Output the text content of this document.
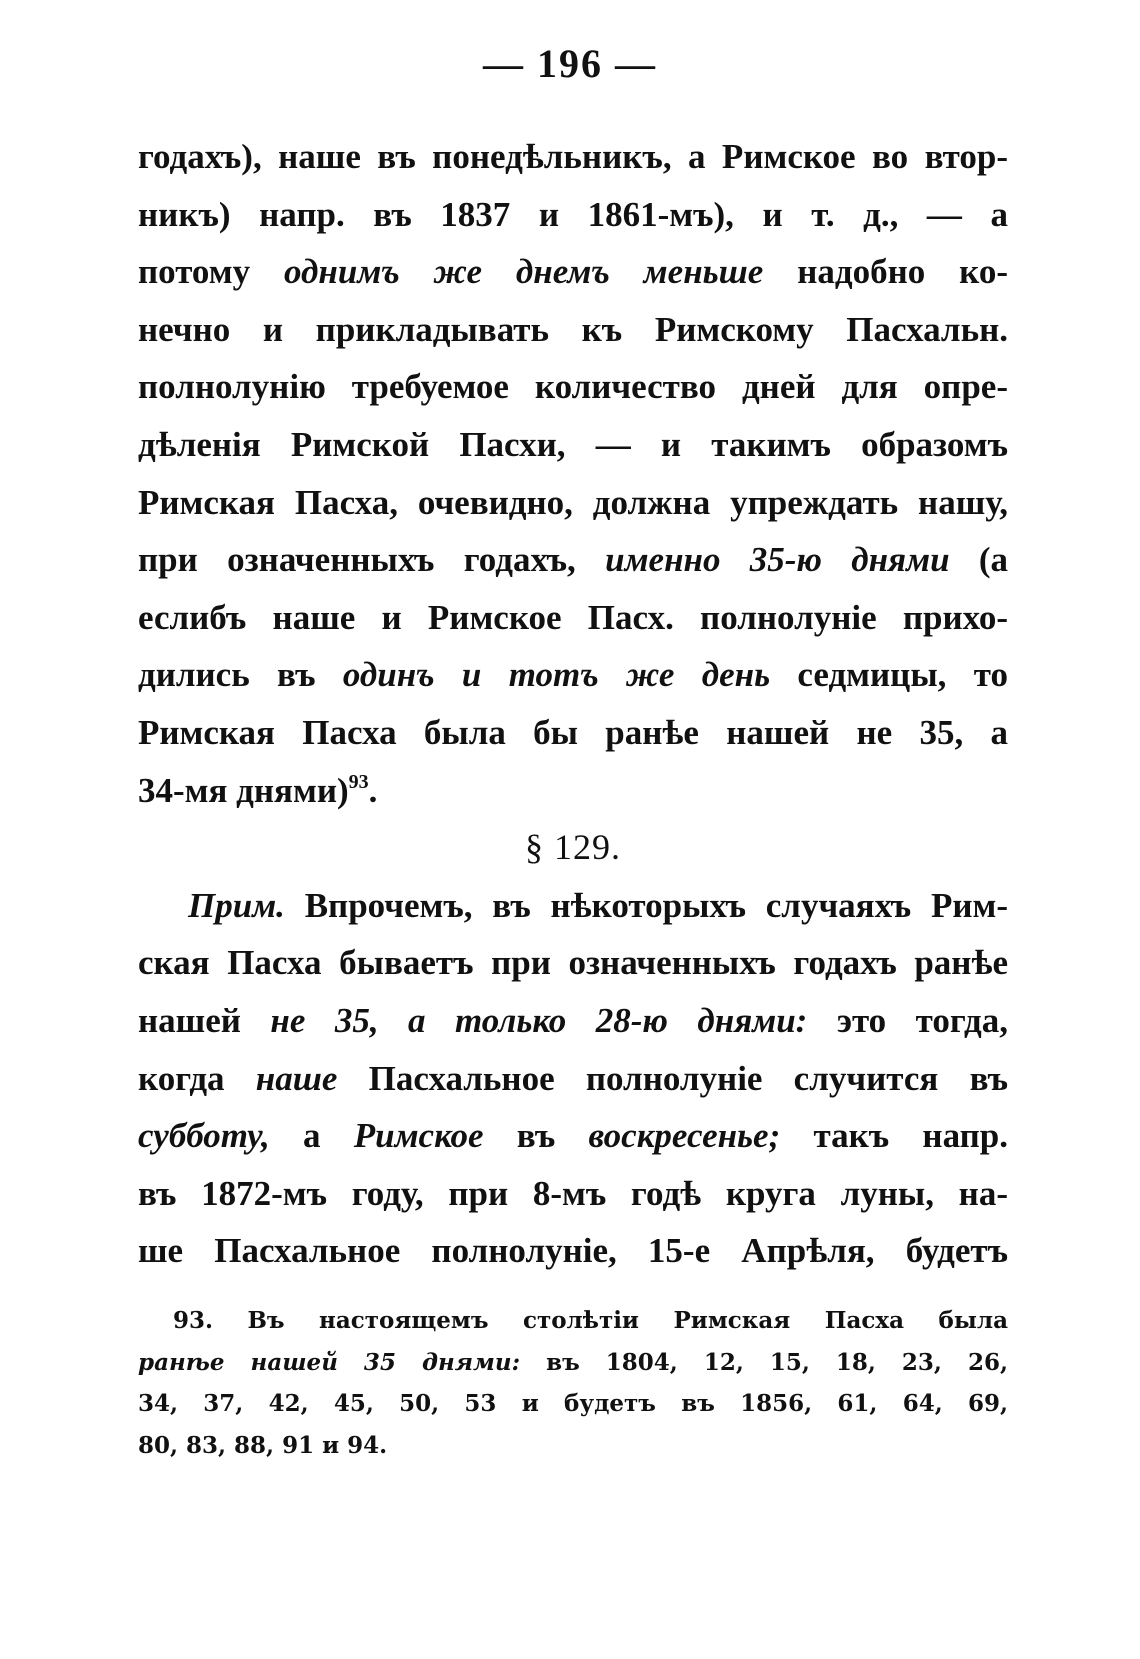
— 196 —
годахъ), наше въ понедѣльникъ, а Римское во втор-
никъ) напр. въ 1837 и 1861-мъ), и т. д., — а
потому однимъ же днемъ меньше надобно ко-
нечно и прикладывать къ Римскому Пасхальн.
полнолунію требуемое количество дней для опре-
дѣленія Римской Пасхи, — и такимъ образомъ
Римская Пасха, очевидно, должна упреждать нашу,
при означенныхъ годахъ, именно 35-ю днями (а
еслибъ наше и Римское Пасх. полнолуніе прихо-
дились въ одинъ и тотъ же день седмицы, то
Римская Пасха была бы ранѣе нашей не 35, а
34-мя днями)$^{93}$.
§ 129.
Прим. Впрочемъ, въ нѣкоторыхъ случаяхъ Рим-
ская Пасха бываетъ при означенныхъ годахъ ранѣе
нашей не 35, а только 28-ю днями: это тогда,
когда наше Пасхальное полнолуніе случится въ
субботу, а Римское въ воскресенье; такъ напр.
въ 1872-мъ году, при 8-мъ годѣ круга луны, на-
ше Пасхальное полнолуніе, 15-е Апрѣля, будетъ
93. Въ настоящемъ столѣтіи Римская Пасха была
ранѣе нашей 35 днями: въ 1804, 12, 15, 18, 23, 26,
34, 37, 42, 45, 50, 53 и будетъ въ 1856, 61, 64, 69,
80, 83, 88, 91 и 94.
